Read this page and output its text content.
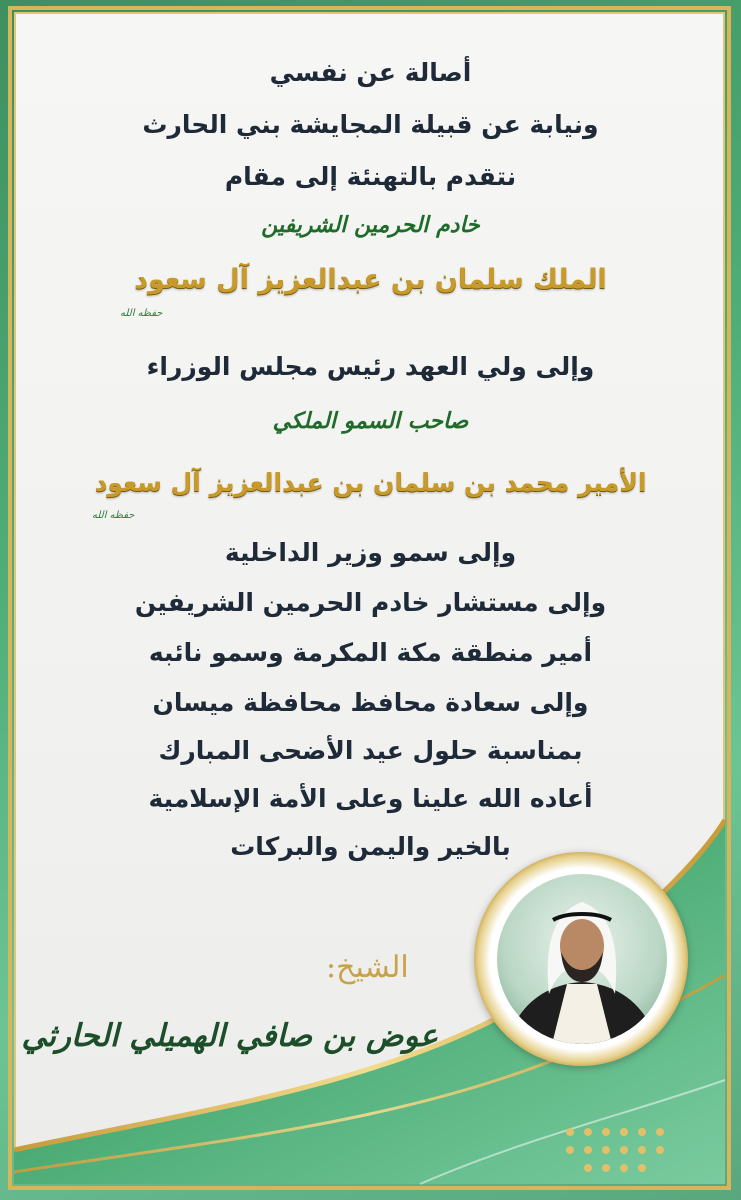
أصالة عن نفسي
ونيابة عن قبيلة المجايشة بني الحارث
نتقدم بالتهنئة إلى مقام
خادم الحرمين الشريفين
الملك سلمان بن عبدالعزيز آل سعود
وإلى ولي العهد رئيس مجلس الوزراء
صاحب السمو الملكي
الأمير محمد بن سلمان بن عبدالعزيز آل سعود
وإلى سمو وزير الداخلية
وإلى مستشار خادم الحرمين الشريفين
أمير منطقة مكة المكرمة وسمو نائبه
وإلى سعادة محافظ محافظة ميسان
بمناسبة حلول عيد الأضحى المبارك
أعاده الله علينا وعلى الأمة الإسلامية
بالخير واليمن والبركات
حفظه الله
حفظه الله
الشيخ:
عوض بن صافي الهميلي الحارثي
